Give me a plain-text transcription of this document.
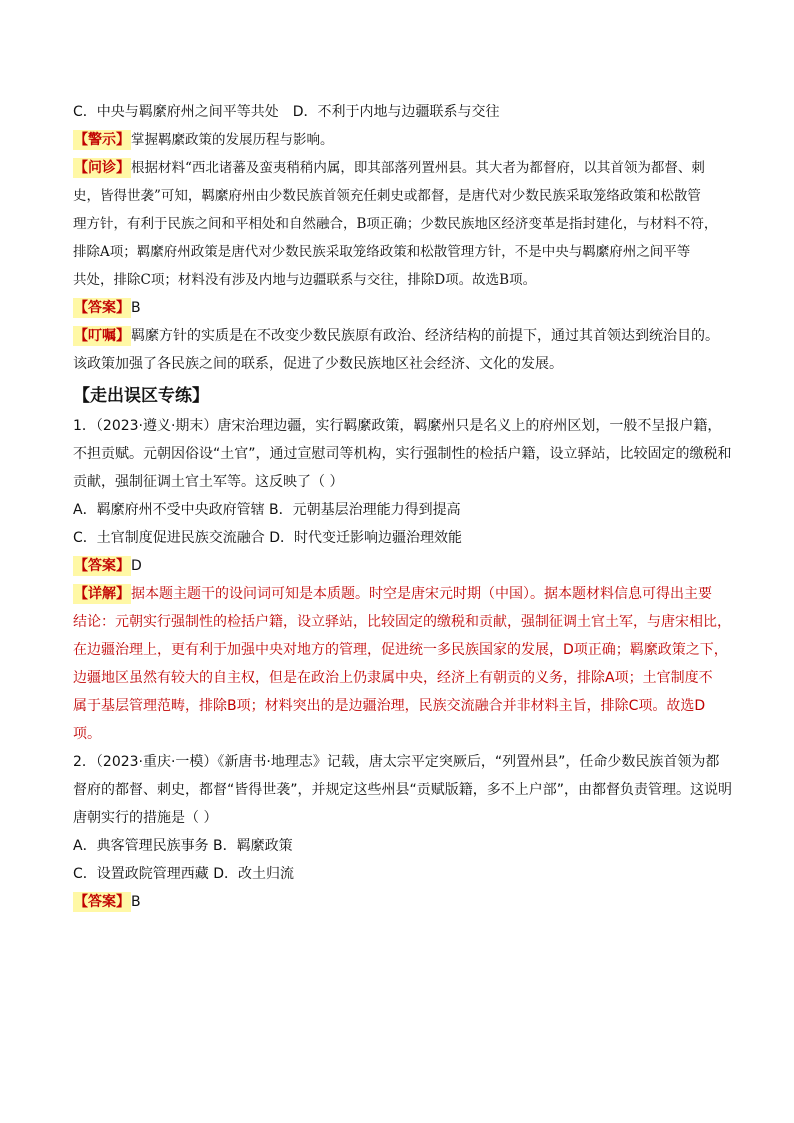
C．中央与羁縻府州之间平等共处 D．不利于内地与边疆联系与交往
【警示】掌握羁縻政策的发展历程与影响。
【问诊】根据材料“西北诸蕃及蛮夷稍稍内属，即其部落列置州县。其大者为都督府，以其首领为都督、刺
史，皆得世袭”可知，羁縻府州由少数民族首领充任刺史或都督，是唐代对少数民族采取笼络政策和松散管
理方针，有利于民族之间和平相处和自然融合，B项正确；少数民族地区经济变革是指封建化，与材料不符，
排除A项；羁縻府州政策是唐代对少数民族采取笼络政策和松散管理方针，不是中央与羁縻府州之间平等
共处，排除C项；材料没有涉及内地与边疆联系与交往，排除D项。故选B项。
【答案】B
【叮嘱】羁縻方针的实质是在不改变少数民族原有政治、经济结构的前提下，通过其首领达到统治目的。
该政策加强了各民族之间的联系，促进了少数民族地区社会经济、文化的发展。
【走出误区专练】
1．（2023·遵义·期末）唐宋治理边疆，实行羁縻政策，羁縻州只是名义上的府州区划，一般不呈报户籍，
不担贡赋。元朝因俗设“土官”，通过宣慰司等机构，实行强制性的检括户籍，设立驿站，比较固定的缴税和
贡献，强制征调土官土军等。这反映了（ ）
A．羁縻府州不受中央政府管辖 B．元朝基层治理能力得到提高
C．土官制度促进民族交流融合 D．时代变迁影响边疆治理效能
【答案】D
【详解】据本题主题干的设问词可知是本质题。时空是唐宋元时期（中国）。据本题材料信息可得出主要
结论：元朝实行强制性的检括户籍，设立驿站，比较固定的缴税和贡献，强制征调土官土军，与唐宋相比，
在边疆治理上，更有利于加强中央对地方的管理，促进统一多民族国家的发展，D项正确；羁縻政策之下，
边疆地区虽然有较大的自主权，但是在政治上仍隶属中央，经济上有朝贡的义务，排除A项；土官制度不
属于基层管理范畴，排除B项；材料突出的是边疆治理，民族交流融合并非材料主旨，排除C项。故选D
项。
2．（2023·重庆·一模）《新唐书·地理志》记载，唐太宗平定突厥后，“列置州县”，任命少数民族首领为都
督府的都督、刺史，都督“皆得世袭”，并规定这些州县“贡赋版籍，多不上户部”，由都督负责管理。这说明
唐朝实行的措施是（ ）
A．典客管理民族事务 B．羁縻政策
C．设置政院管理西藏 D．改土归流
【答案】B
